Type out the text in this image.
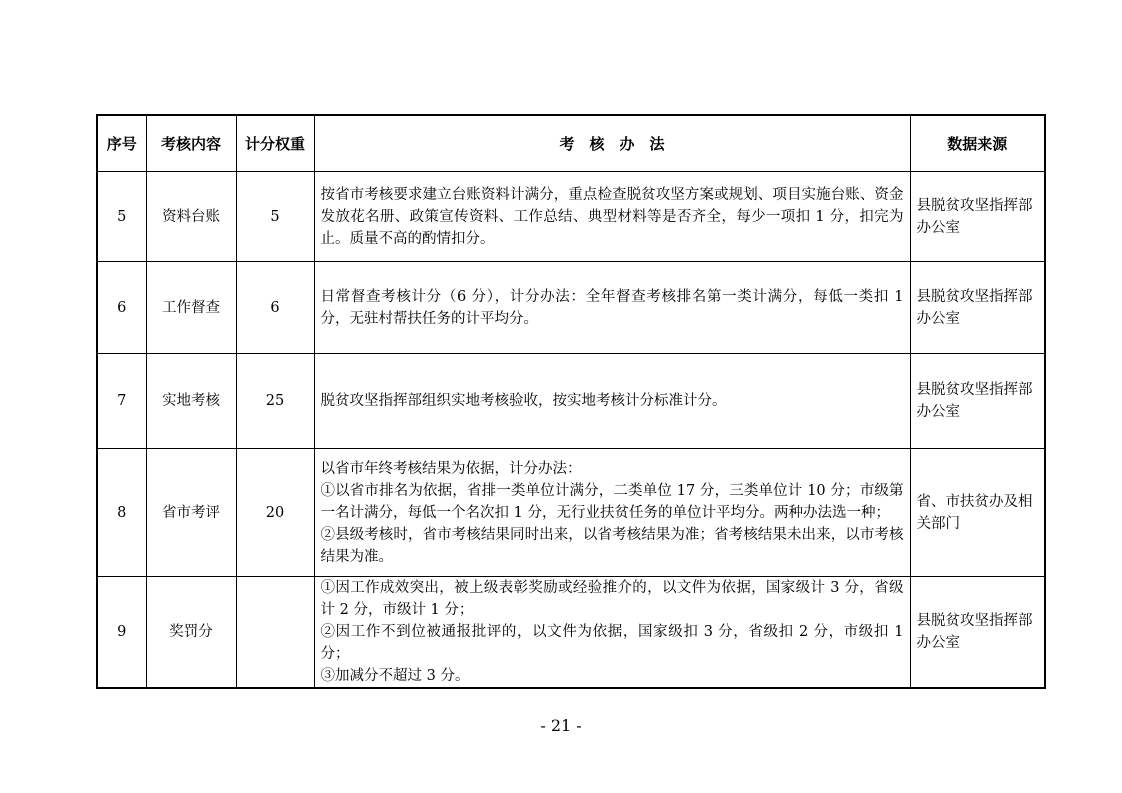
序号	考核内容	计分权重	考　核　办　法	数据来源
5	资料台账	5	按省市考核要求建立台账资料计满分，重点检查脱贫攻坚方案或规划、项目实施台账、资金发放花名册、政策宣传资料、工作总结、典型材料等是否齐全，每少一项扣 1 分，扣完为止。质量不高的酌情扣分。	县脱贫攻坚指挥部办公室
6	工作督查	6	日常督查考核计分（6 分），计分办法：全年督查考核排名第一类计满分，每低一类扣 1 分，无驻村帮扶任务的计平均分。	县脱贫攻坚指挥部办公室
7	实地考核	25	脱贫攻坚指挥部组织实地考核验收，按实地考核计分标准计分。	县脱贫攻坚指挥部办公室
8	省市考评	20	以省市年终考核结果为依据，计分办法：
①以省市排名为依据，省排一类单位计满分，二类单位 17 分，三类单位计 10 分；市级第一名计满分，每低一个名次扣 1 分，无行业扶贫任务的单位计平均分。两种办法选一种；
②县级考核时，省市考核结果同时出来，以省考核结果为准；省考核结果未出来，以市考核结果为准。	省、市扶贫办及相关部门
9	奖罚分		①因工作成效突出，被上级表彰奖励或经验推介的，以文件为依据，国家级计 3 分，省级计 2 分，市级计 1 分；
②因工作不到位被通报批评的，以文件为依据，国家级扣 3 分，省级扣 2 分，市级扣 1 分；
③加减分不超过 3 分。	县脱贫攻坚指挥部办公室
- 21 -
